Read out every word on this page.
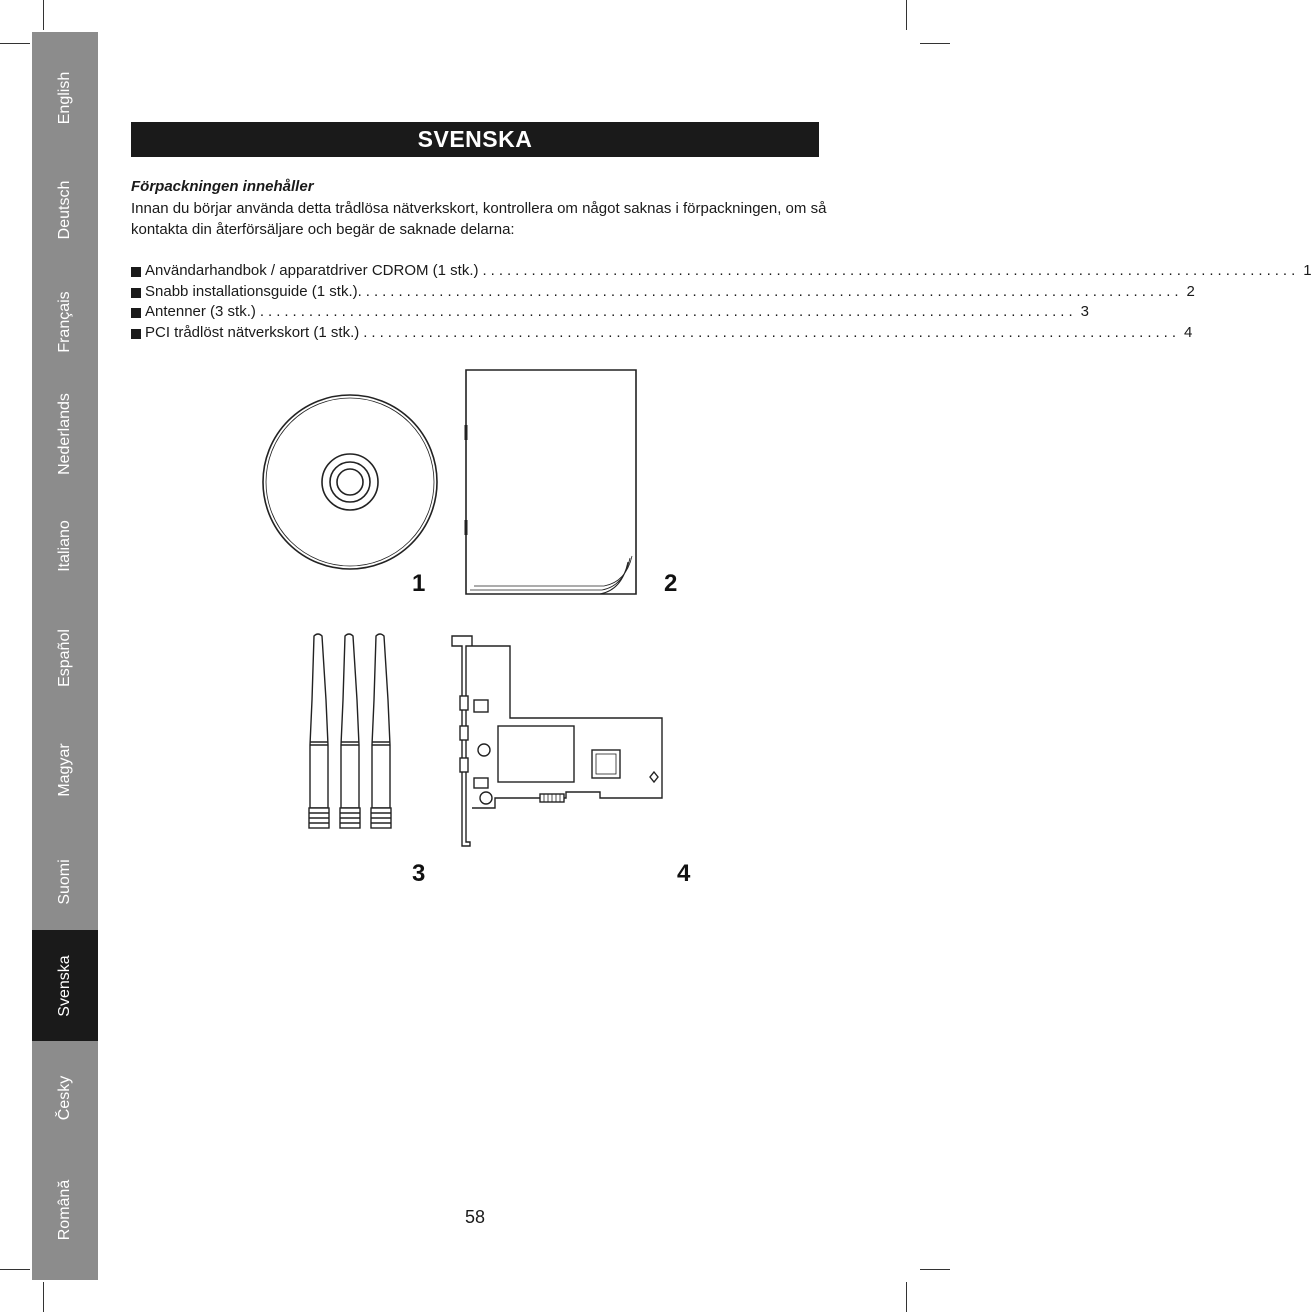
English
Deutsch
Français
Nederlands
Italiano
Español
Magyar
Suomi
Svenska
Česky
Română
SVENSKA
Förpackningen innehåller
Innan du börjar använda detta trådlösa nätverkskort, kontrollera om något saknas i förpackningen, om så kontakta din återförsäljare och begär de saknade delarna:
Användarhandbok / apparatdriver CDROM (1 stk.) .................................................................................................... 1
Snabb installationsguide (1 stk.). .................................................................................................... 2
Antenner (3 stk.) .................................................................................................... 3
PCI trådlöst nätverkskort (1 stk.) .................................................................................................... 4
1	2
3	4
58
